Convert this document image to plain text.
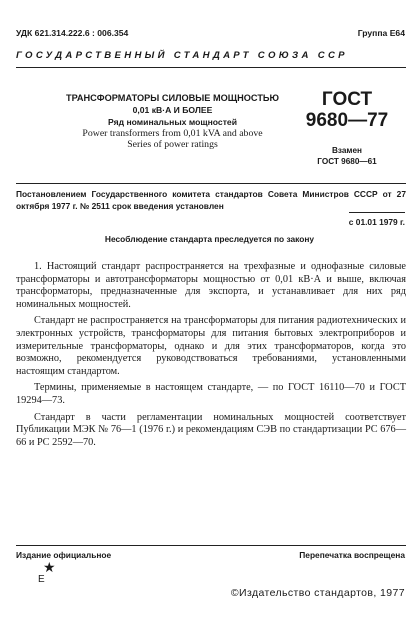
УДК 621.314.222.6 : 006.354	Группа Е64
ГОСУДАРСТВЕННЫЙ СТАНДАРТ СОЮЗА ССР
ТРАНСФОРМАТОРЫ СИЛОВЫЕ МОЩНОСТЬЮ
0,01 кВ·А И БОЛЕЕ
Ряд номинальных мощностей
Power transformers from 0,01 kVA and above
Series of power ratings
ГОСТ
9680—77
Взамен
ГОСТ 9680—61
Постановлением Государственного комитета стандартов Совета Министров СССР от 27 октября 1977 г. № 2511 срок введения установлен
с 01.01 1979 г.
Несоблюдение стандарта преследуется по закону

1. Настоящий стандарт распространяется на трехфазные и однофазные силовые трансформаторы и автотрансформаторы мощностью от 0,01 кВ·А и выше, включая трансформаторы, предназначенные для экспорта, и устанавливает для них ряд номинальных мощностей.

Стандарт не распространяется на трансформаторы для питания радиотехнических и электронных устройств, трансформаторы для питания бытовых электроприборов и измерительные трансформаторы, однако и для этих трансформаторов, когда это возможно, рекомендуется руководствоваться требованиями, установленными настоящим стандартом.

Термины, применяемые в настоящем стандарте, — по ГОСТ 16110—70 и ГОСТ 19294—73.

Стандарт в части регламентации номинальных мощностей соответствует Публикации МЭК № 76—1 (1976 г.) и рекомендациям СЭВ по стандартизации PC 676—66 и PC 2592—70.

Издание официальное	Перепечатка воспрещена
★
Е
©Издательство стандартов, 1977
